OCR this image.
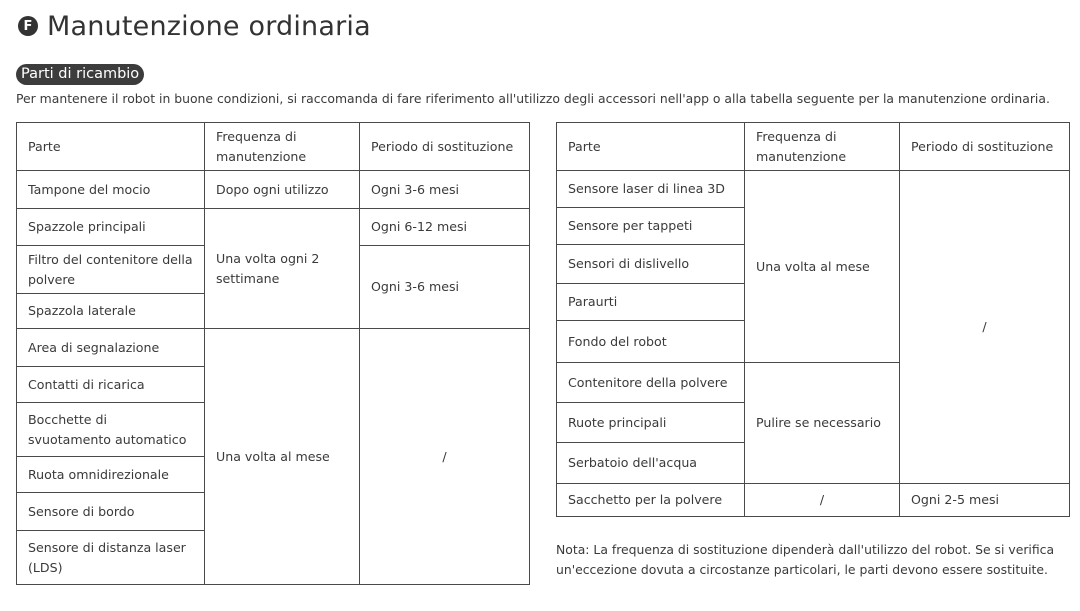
F Manutenzione ordinaria
Parti di ricambio
Per mantenere il robot in buone condizioni, si raccomanda di fare riferimento all'utilizzo degli accessori nell'app o alla tabella seguente per la manutenzione ordinaria.
Parte	Frequenza di manutenzione	Periodo di sostituzione
Tampone del mocio	Dopo ogni utilizzo	Ogni 3-6 mesi
Spazzole principali	Una volta ogni 2 settimane	Ogni 6-12 mesi
Filtro del contenitore della polvere		Ogni 3-6 mesi
Spazzola laterale		
Area di segnalazione	Una volta al mese	/
Contatti di ricarica		
Bocchette di svuotamento automatico		
Ruota omnidirezionale		
Sensore di bordo		
Sensore di distanza laser (LDS)		
Parte	Frequenza di manutenzione	Periodo di sostituzione
Sensore laser di linea 3D	Una volta al mese	/
Sensore per tappeti		
Sensori di dislivello		
Paraurti		
Fondo del robot		
Contenitore della polvere	Pulire se necessario	
Ruote principali		
Serbatoio dell'acqua		
Sacchetto per la polvere	/	Ogni 2-5 mesi
Nota: La frequenza di sostituzione dipenderà dall'utilizzo del robot. Se si verifica un'eccezione dovuta a circostanze particolari, le parti devono essere sostituite.
